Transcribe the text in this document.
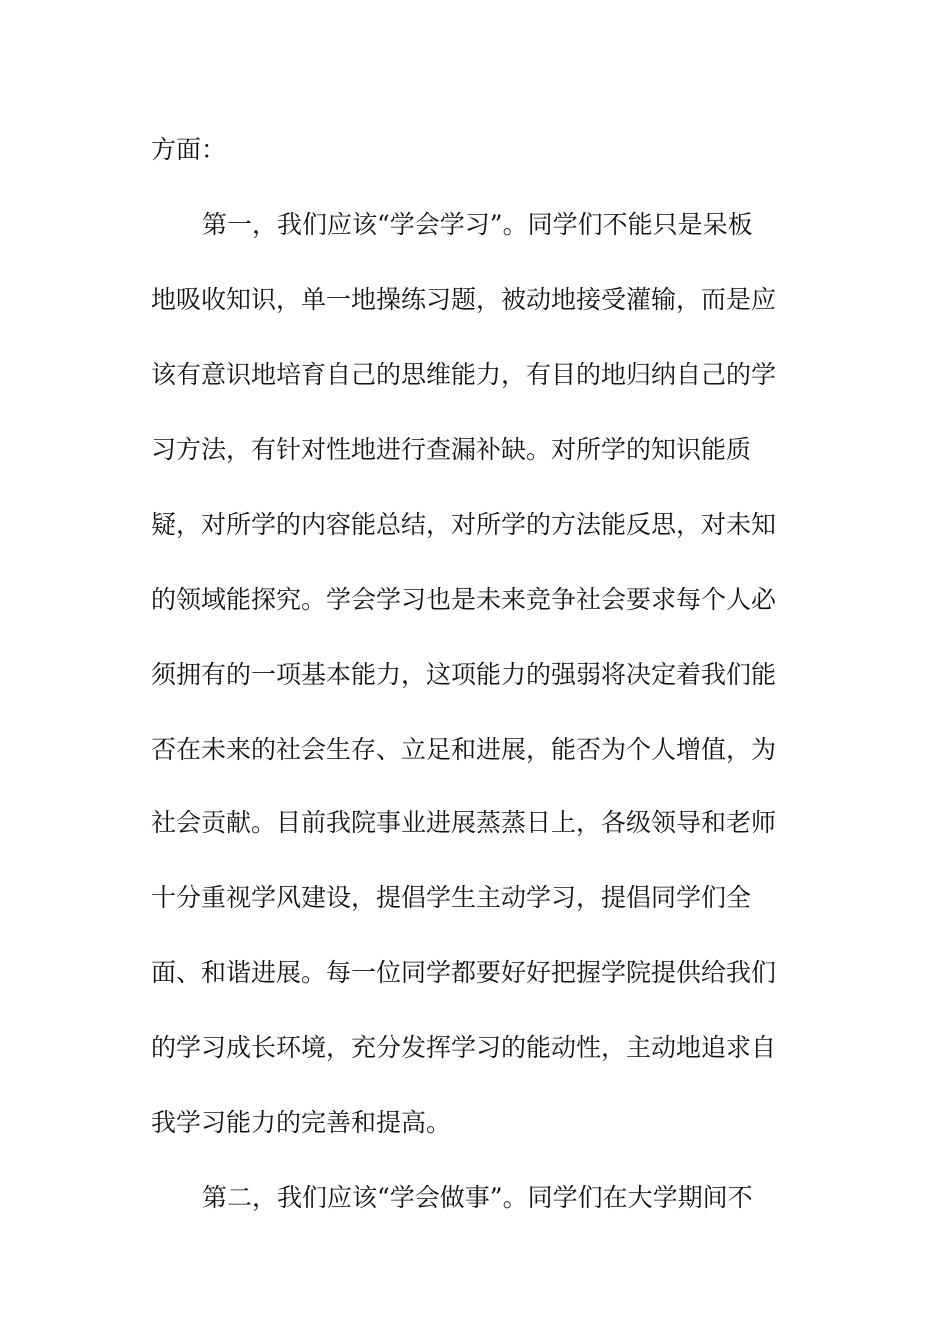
方面：
第一，我们应该“学会学习”。同学们不能只是呆板
地吸收知识，单一地操练习题，被动地接受灌输，而是应
该有意识地培育自己的思维能力，有目的地归纳自己的学
习方法，有针对性地进行查漏补缺。对所学的知识能质
疑，对所学的内容能总结，对所学的方法能反思，对未知
的领域能探究。学会学习也是未来竞争社会要求每个人必
须拥有的一项基本能力，这项能力的强弱将决定着我们能
否在未来的社会生存、立足和进展，能否为个人增值，为
社会贡献。目前我院事业进展蒸蒸日上，各级领导和老师
十分重视学风建设，提倡学生主动学习，提倡同学们全
面、和谐进展。每一位同学都要好好把握学院提供给我们
的学习成长环境，充分发挥学习的能动性，主动地追求自
我学习能力的完善和提高。
第二，我们应该“学会做事”。同学们在大学期间不
